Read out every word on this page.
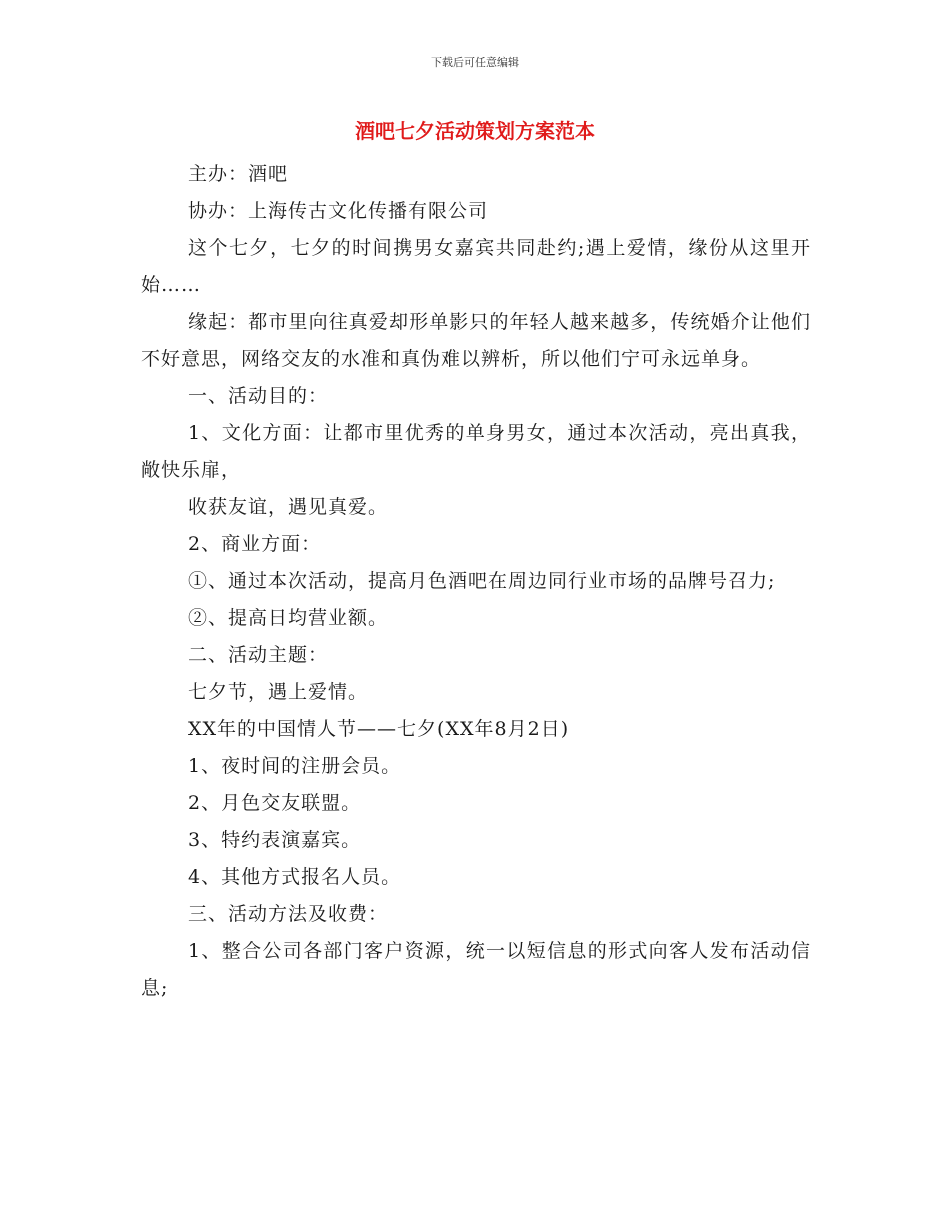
下载后可任意编辑
酒吧七夕活动策划方案范本

主办：酒吧

协办：上海传古文化传播有限公司

这个七夕，七夕的时间携男女嘉宾共同赴约;遇上爱情，缘份从这里开始……

缘起：都市里向往真爱却形单影只的年轻人越来越多，传统婚介让他们不好意思，网络交友的水准和真伪难以辨析，所以他们宁可永远单身。

一、活动目的：

1、文化方面：让都市里优秀的单身男女，通过本次活动，亮出真我，敞快乐扉，

收获友谊，遇见真爱。

2、商业方面：

①、通过本次活动，提高月色酒吧在周边同行业市场的品牌号召力;

②、提高日均营业额。

二、活动主题：

七夕节，遇上爱情。

XX年的中国情人节——七夕(XX年8月2日)

1、夜时间的注册会员。

2、月色交友联盟。

3、特约表演嘉宾。

4、其他方式报名人员。

三、活动方法及收费：

1、整合公司各部门客户资源，统一以短信息的形式向客人发布活动信息;
